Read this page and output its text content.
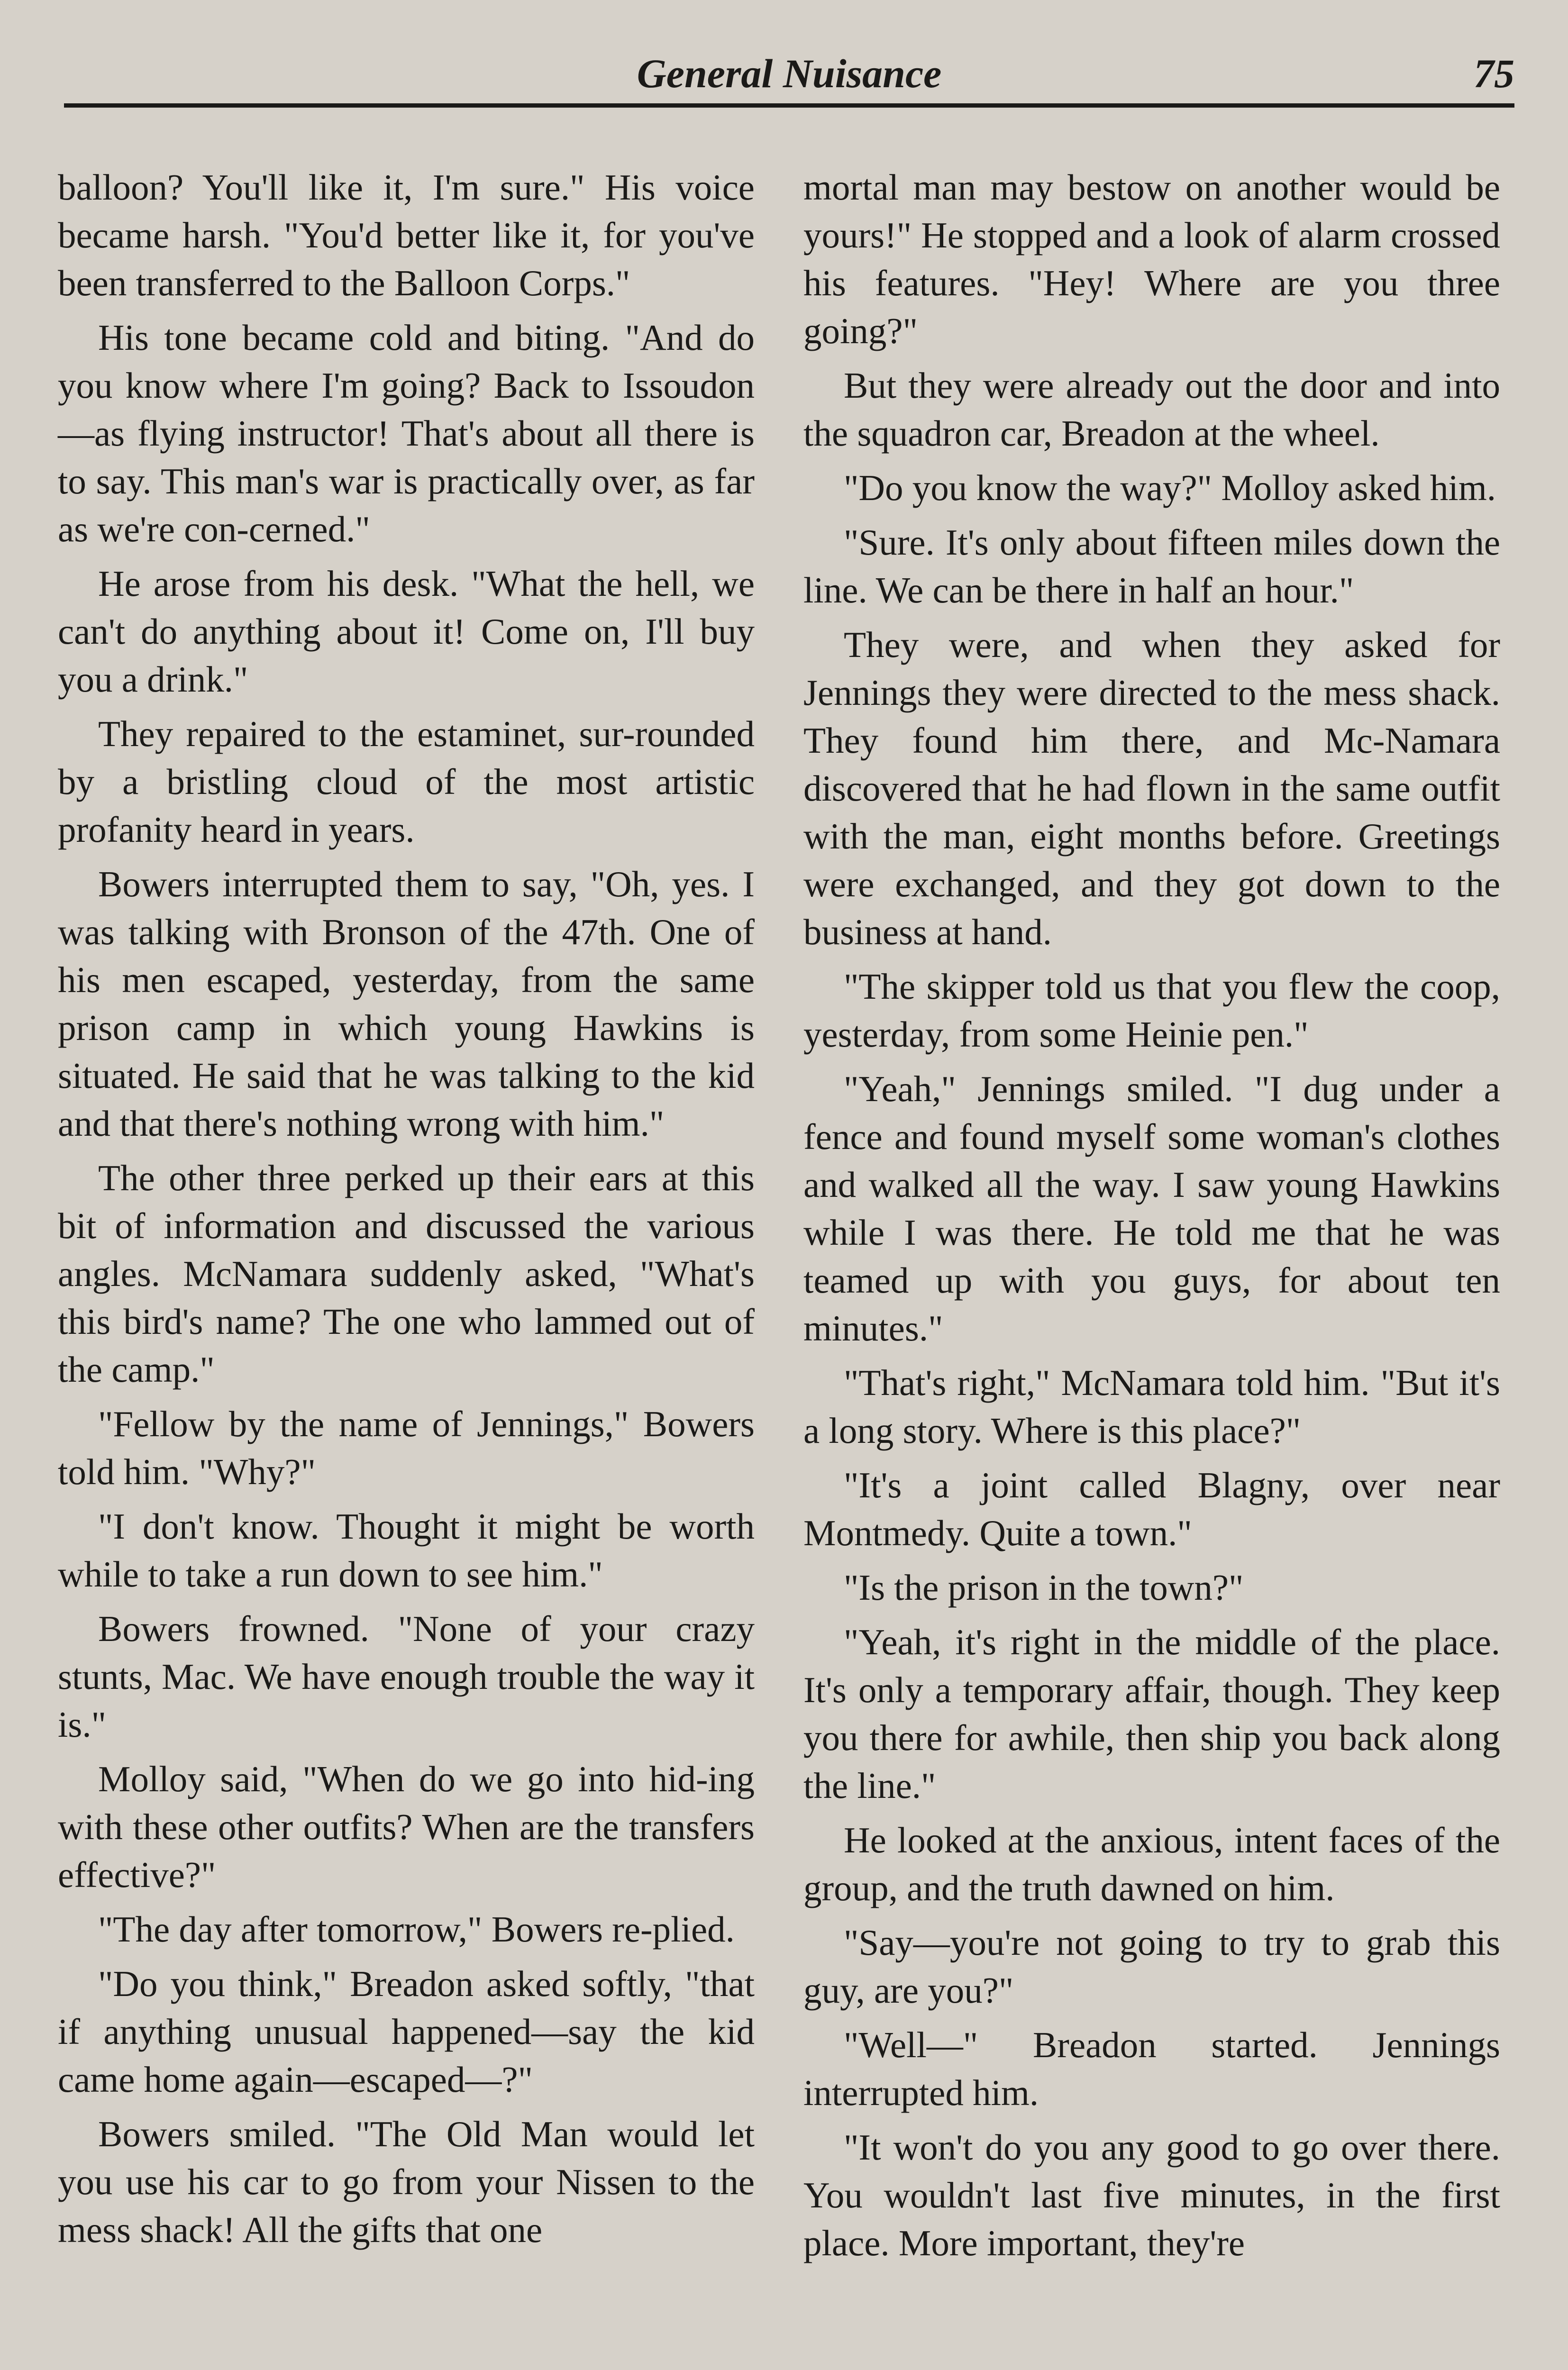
General Nuisance	75

balloon? You'll like it, I'm sure." His voice became harsh. "You'd better like it, for you've been transferred to the Balloon Corps."

His tone became cold and biting. "And do you know where I'm going? Back to Issoudon—as flying instructor! That's about all there is to say. This man's war is practically over, as far as we're con-cerned."

He arose from his desk. "What the hell, we can't do anything about it! Come on, I'll buy you a drink."

They repaired to the estaminet, sur-rounded by a bristling cloud of the most artistic profanity heard in years.

Bowers interrupted them to say, "Oh, yes. I was talking with Bronson of the 47th. One of his men escaped, yesterday, from the same prison camp in which young Hawkins is situated. He said that he was talking to the kid and that there's nothing wrong with him."

The other three perked up their ears at this bit of information and discussed the various angles. McNamara suddenly asked, "What's this bird's name? The one who lammed out of the camp."

"Fellow by the name of Jennings," Bowers told him. "Why?"

"I don't know. Thought it might be worth while to take a run down to see him."

Bowers frowned. "None of your crazy stunts, Mac. We have enough trouble the way it is."

Molloy said, "When do we go into hid-ing with these other outfits? When are the transfers effective?"

"The day after tomorrow," Bowers re-plied.

"Do you think," Breadon asked softly, "that if anything unusual happened—say the kid came home again—escaped—?"

Bowers smiled. "The Old Man would let you use his car to go from your Nissen to the mess shack! All the gifts that one

mortal man may bestow on another would be yours!" He stopped and a look of alarm crossed his features. "Hey! Where are you three going?"

But they were already out the door and into the squadron car, Breadon at the wheel.

"Do you know the way?" Molloy asked him.

"Sure. It's only about fifteen miles down the line. We can be there in half an hour."

They were, and when they asked for Jennings they were directed to the mess shack. They found him there, and Mc-Namara discovered that he had flown in the same outfit with the man, eight months before. Greetings were exchanged, and they got down to the business at hand.

"The skipper told us that you flew the coop, yesterday, from some Heinie pen."

"Yeah," Jennings smiled. "I dug under a fence and found myself some woman's clothes and walked all the way. I saw young Hawkins while I was there. He told me that he was teamed up with you guys, for about ten minutes."

"That's right," McNamara told him. "But it's a long story. Where is this place?"

"It's a joint called Blagny, over near Montmedy. Quite a town."

"Is the prison in the town?"

"Yeah, it's right in the middle of the place. It's only a temporary affair, though. They keep you there for awhile, then ship you back along the line."

He looked at the anxious, intent faces of the group, and the truth dawned on him.

"Say—you're not going to try to grab this guy, are you?"

"Well—" Breadon started. Jennings interrupted him.

"It won't do you any good to go over there. You wouldn't last five minutes, in the first place. More important, they're
